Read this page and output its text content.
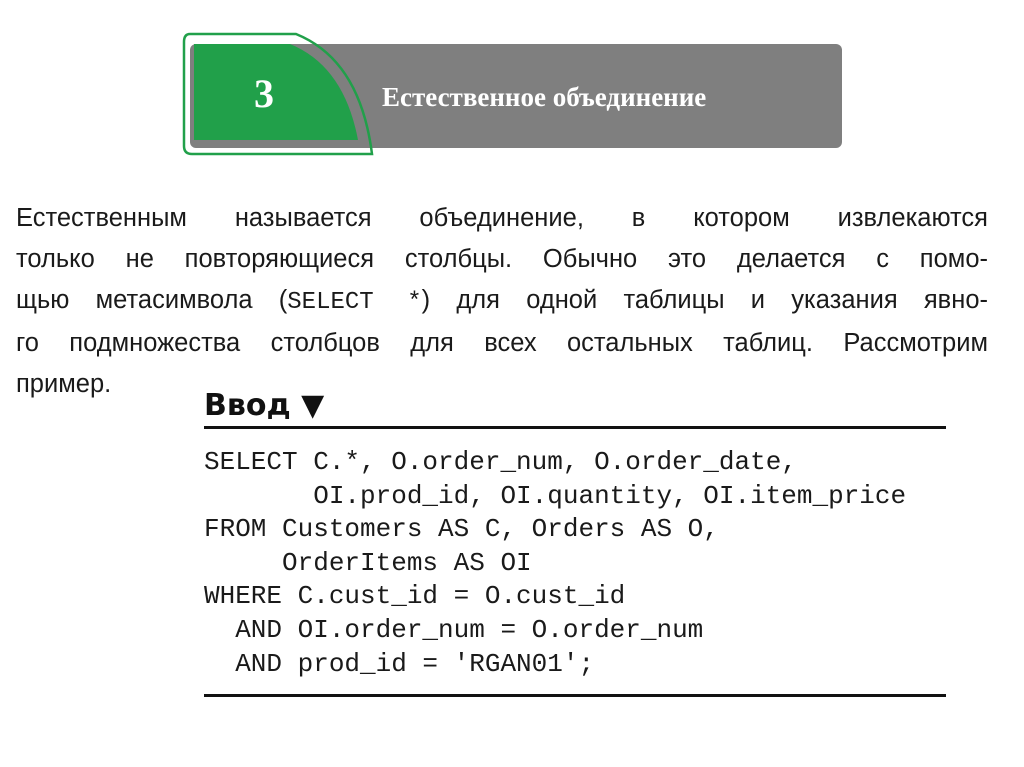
3	Естественное объединение
Естественным называется объединение, в котором извлекаются
только не повторяющиеся столбцы. Обычно это делается с помо-
щью метасимвола (SELECT *) для одной таблицы и указания явно-
го подмножества столбцов для всех остальных таблиц. Рассмотрим
пример.
Ввод ▼
SELECT C.*, O.order_num, O.order_date,
OI.prod_id, OI.quantity, OI.item_price
FROM Customers AS C, Orders AS O,
OrderItems AS OI
WHERE C.cust_id = O.cust_id
AND OI.order_num = O.order_num
AND prod_id = 'RGAN01';
